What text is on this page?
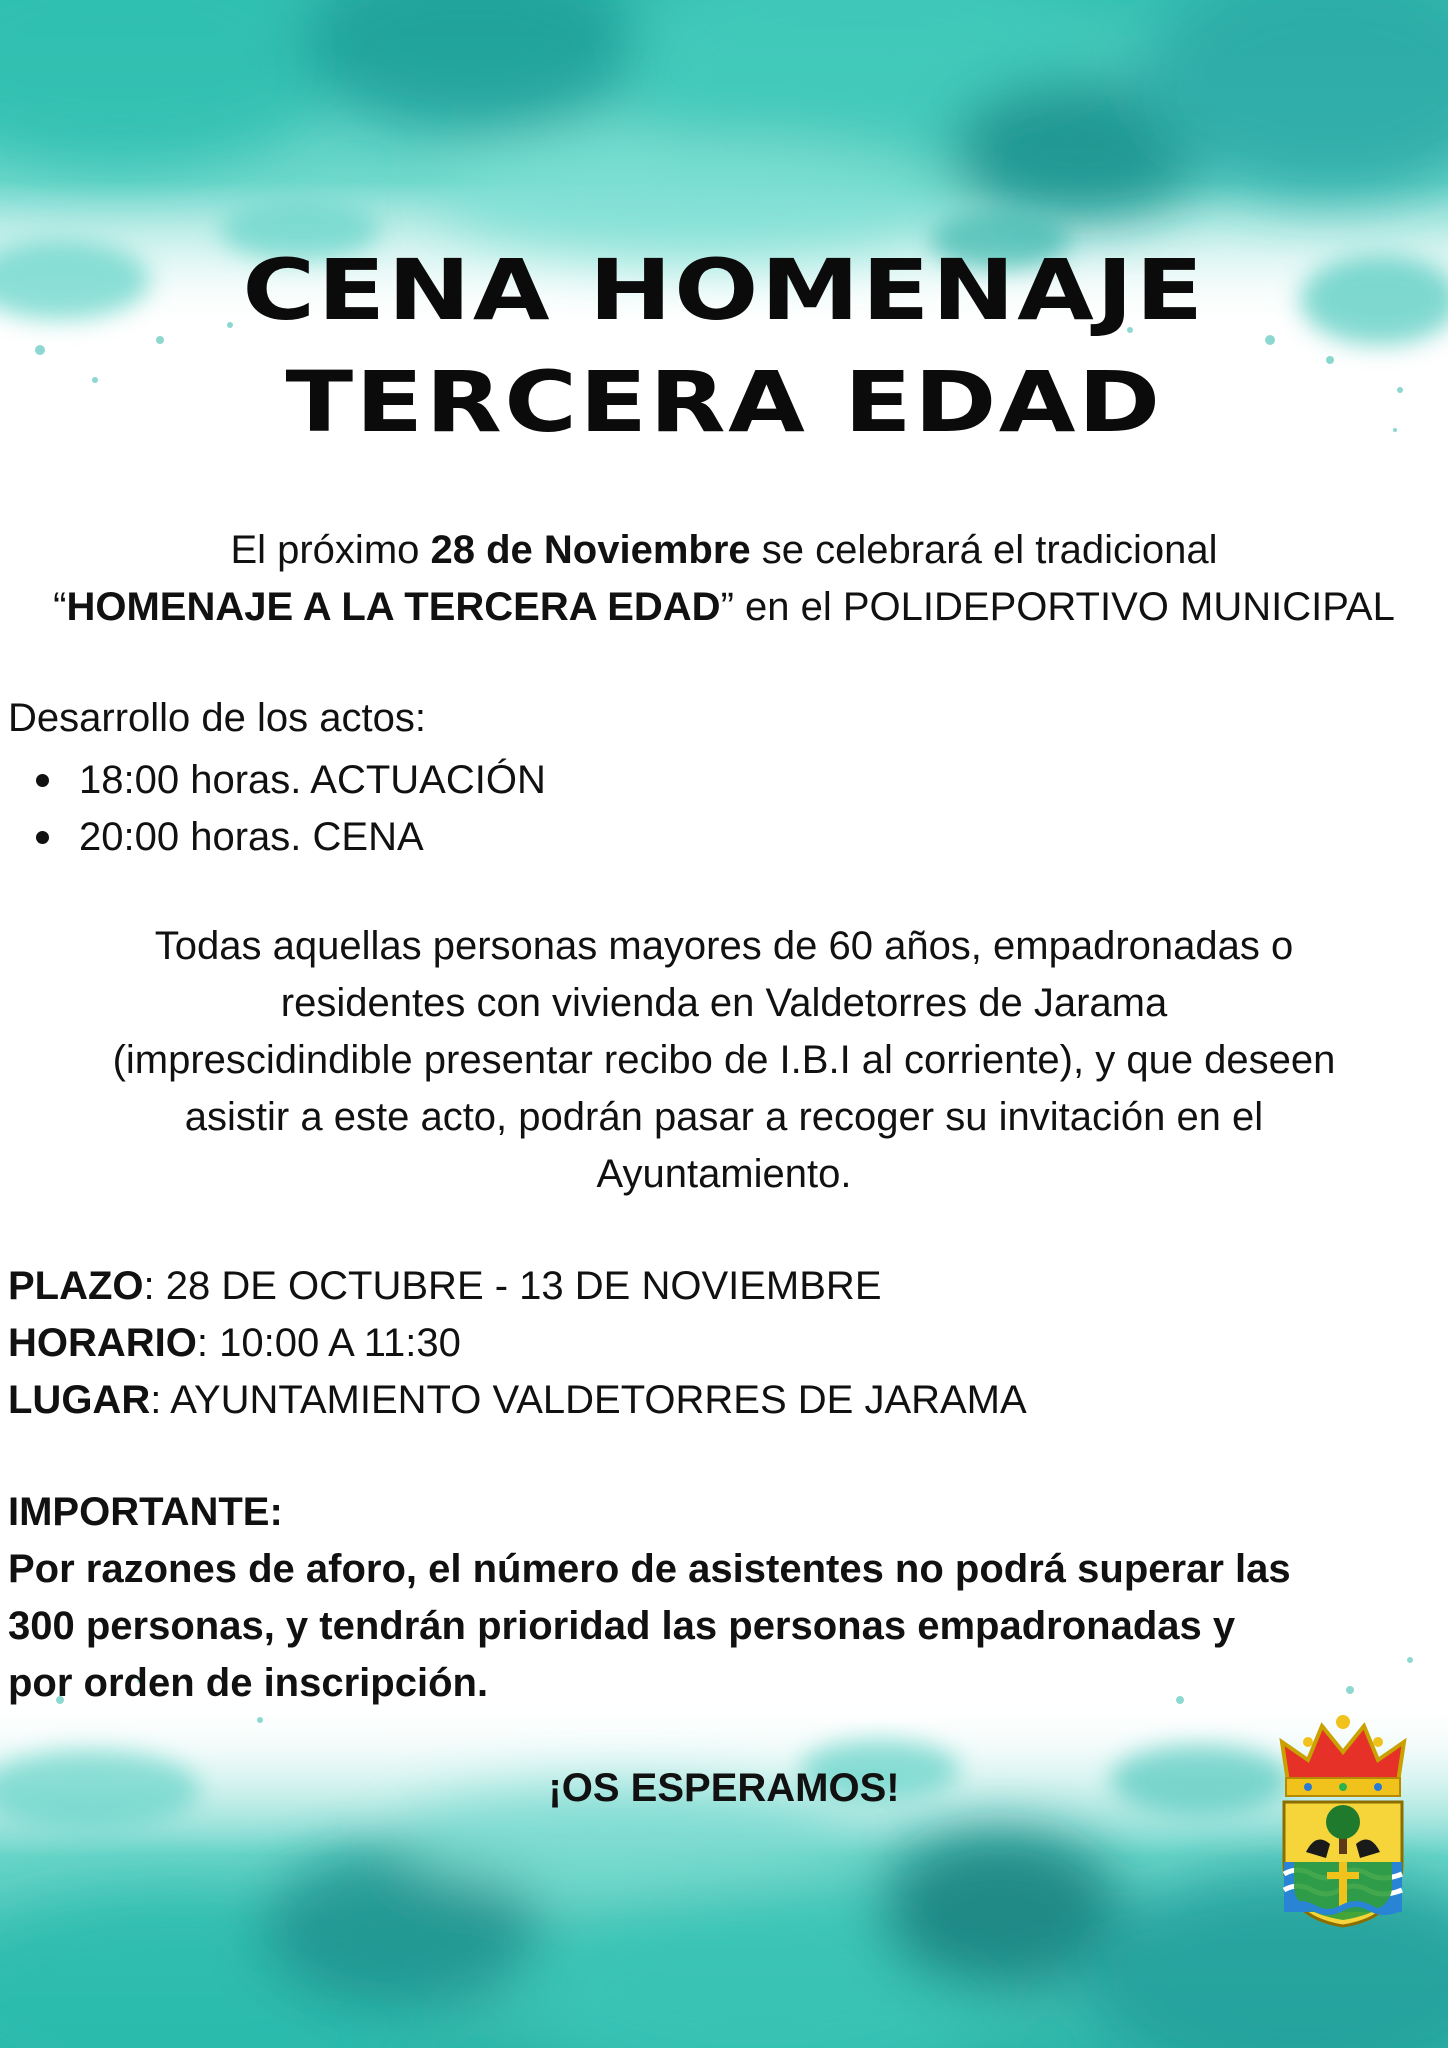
CENA HOMENAJE
TERCERA EDAD
El próximo 28 de Noviembre se celebrará el tradicional
“HOMENAJE A LA TERCERA EDAD” en el POLIDEPORTIVO MUNICIPAL
Desarrollo de los actos:
18:00 horas. ACTUACIÓN
20:00 horas. CENA
Todas aquellas personas mayores de 60 años, empadronadas o
residentes con vivienda en Valdetorres de Jarama
(imprescidindible presentar recibo de I.B.I al corriente), y que deseen
asistir a este acto, podrán pasar a recoger su invitación en el
Ayuntamiento.
PLAZO: 28 DE OCTUBRE - 13 DE NOVIEMBRE
HORARIO: 10:00 A 11:30
LUGAR: AYUNTAMIENTO VALDETORRES DE JARAMA
IMPORTANTE:
Por razones de aforo, el número de asistentes no podrá superar las
300 personas, y tendrán prioridad las personas empadronadas y
por orden de inscripción.
¡OS ESPERAMOS!
